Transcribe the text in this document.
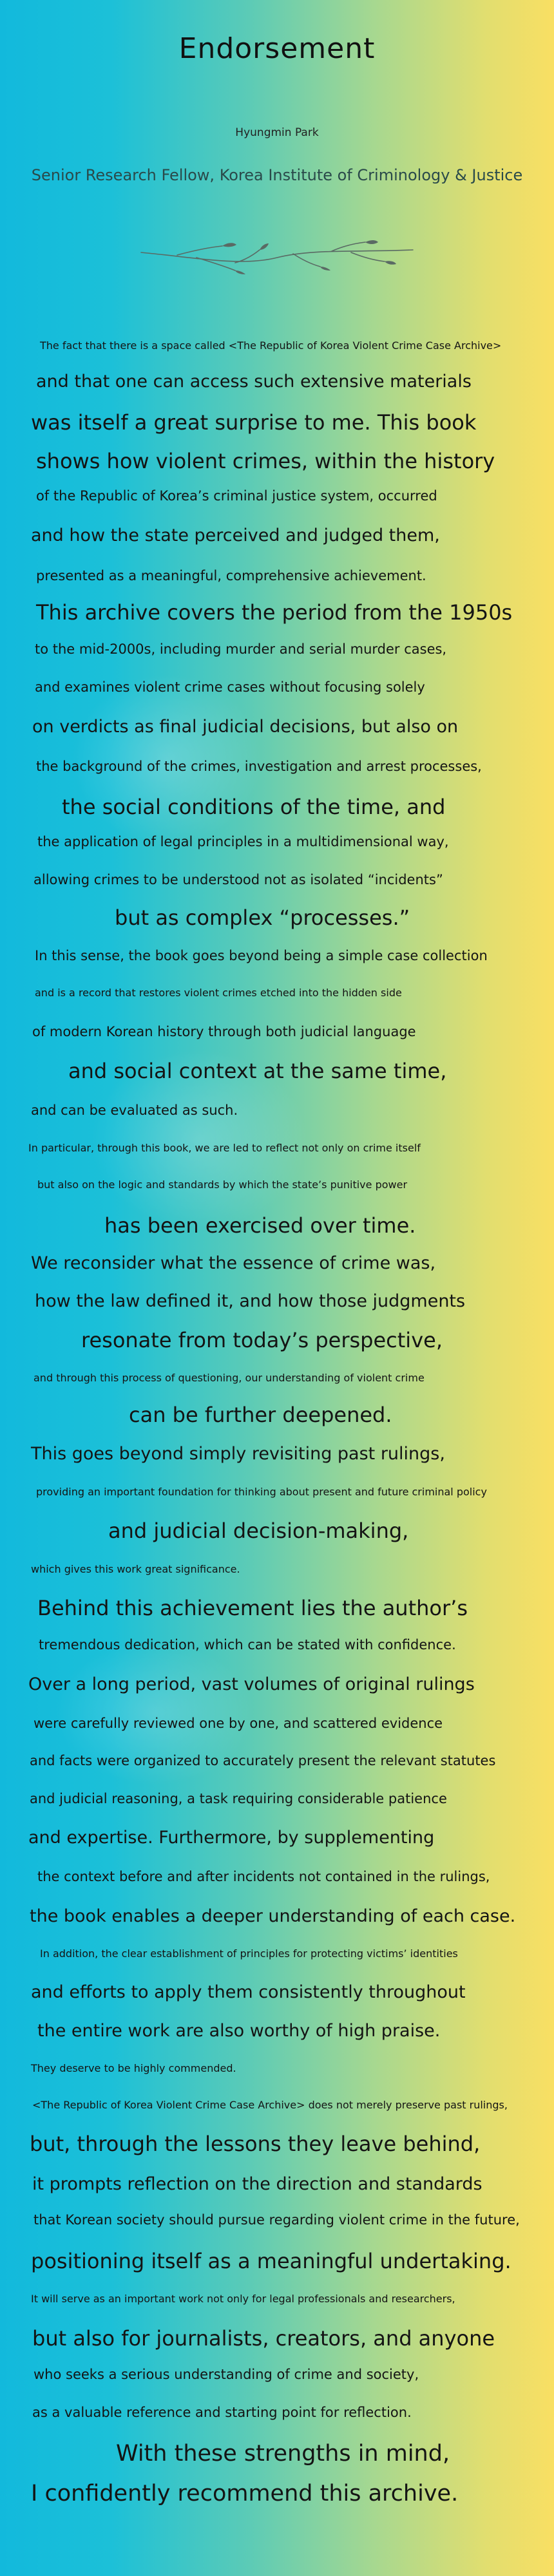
Endorsement
Hyungmin Park
Senior Research Fellow, Korea Institute of Criminology & Justice
The fact that there is a space called <The Republic of Korea Violent Crime Case Archive>
and that one can access such extensive materials
was itself a great surprise to me. This book
shows how violent crimes, within the history
of the Republic of Korea’s criminal justice system, occurred
and how the state perceived and judged them,
presented as a meaningful, comprehensive achievement.
This archive covers the period from the 1950s
to the mid-2000s, including murder and serial murder cases,
and examines violent crime cases without focusing solely
on verdicts as final judicial decisions, but also on
the background of the crimes, investigation and arrest processes,
the social conditions of the time, and
the application of legal principles in a multidimensional way,
allowing crimes to be understood not as isolated “incidents”
but as complex “processes.”
In this sense, the book goes beyond being a simple case collection
and is a record that restores violent crimes etched into the hidden side
of modern Korean history through both judicial language
and social context at the same time,
and can be evaluated as such.
In particular, through this book, we are led to reflect not only on crime itself
but also on the logic and standards by which the state’s punitive power
has been exercised over time.
We reconsider what the essence of crime was,
how the law defined it, and how those judgments
resonate from today’s perspective,
and through this process of questioning, our understanding of violent crime
can be further deepened.
This goes beyond simply revisiting past rulings,
providing an important foundation for thinking about present and future criminal policy
and judicial decision-making,
which gives this work great significance.
Behind this achievement lies the author’s
tremendous dedication, which can be stated with confidence.
Over a long period, vast volumes of original rulings
were carefully reviewed one by one, and scattered evidence
and facts were organized to accurately present the relevant statutes
and judicial reasoning, a task requiring considerable patience
and expertise. Furthermore, by supplementing
the context before and after incidents not contained in the rulings,
the book enables a deeper understanding of each case.
In addition, the clear establishment of principles for protecting victims’ identities
and efforts to apply them consistently throughout
the entire work are also worthy of high praise.
They deserve to be highly commended.
<The Republic of Korea Violent Crime Case Archive> does not merely preserve past rulings,
but, through the lessons they leave behind,
it prompts reflection on the direction and standards
that Korean society should pursue regarding violent crime in the future,
positioning itself as a meaningful undertaking.
It will serve as an important work not only for legal professionals and researchers,
but also for journalists, creators, and anyone
who seeks a serious understanding of crime and society,
as a valuable reference and starting point for reflection.
With these strengths in mind,
I confidently recommend this archive.
